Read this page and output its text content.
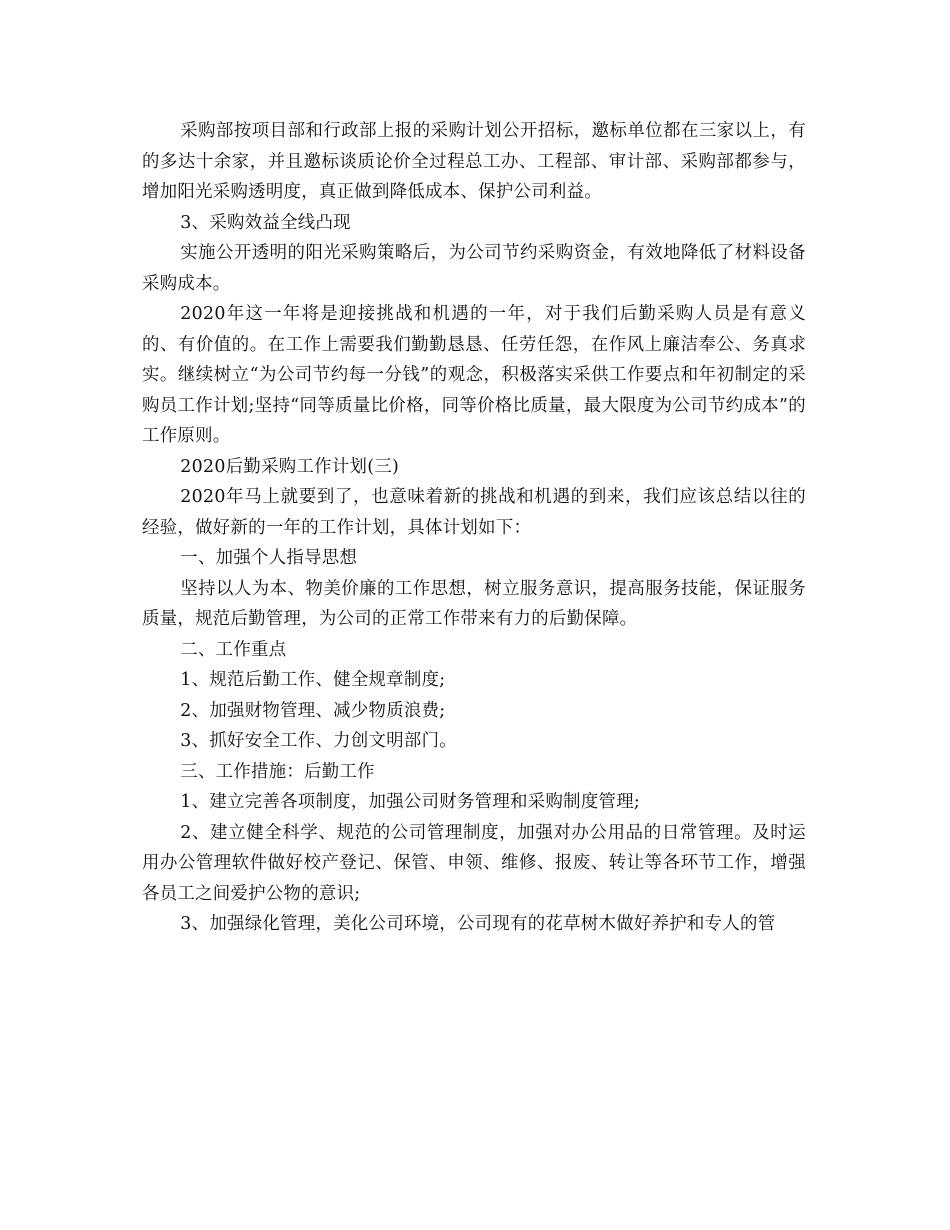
采购部按项目部和行政部上报的采购计划公开招标，邀标单位都在三家以上，有的多达十余家，并且邀标谈质论价全过程总工办、工程部、审计部、采购部都参与，增加阳光采购透明度，真正做到降低成本、保护公司利益。

3、采购效益全线凸现

实施公开透明的阳光采购策略后，为公司节约采购资金，有效地降低了材料设备采购成本。

2020年这一年将是迎接挑战和机遇的一年，对于我们后勤采购人员是有意义的、有价值的。在工作上需要我们勤勤恳恳、任劳任怨，在作风上廉洁奉公、务真求实。继续树立“为公司节约每一分钱”的观念，积极落实采供工作要点和年初制定的采购员工作计划;坚持“同等质量比价格，同等价格比质量，最大限度为公司节约成本”的工作原则。

2020后勤采购工作计划(三)

2020年马上就要到了，也意味着新的挑战和机遇的到来，我们应该总结以往的经验，做好新的一年的工作计划，具体计划如下：

一、加强个人指导思想

坚持以人为本、物美价廉的工作思想，树立服务意识，提高服务技能，保证服务质量，规范后勤管理，为公司的正常工作带来有力的后勤保障。

二、工作重点

1、规范后勤工作、健全规章制度;

2、加强财物管理、减少物质浪费;

3、抓好安全工作、力创文明部门。

三、工作措施：后勤工作

1、建立完善各项制度，加强公司财务管理和采购制度管理;

2、建立健全科学、规范的公司管理制度，加强对办公用品的日常管理。及时运用办公管理软件做好校产登记、保管、申领、维修、报废、转让等各环节工作，增强各员工之间爱护公物的意识;

3、加强绿化管理，美化公司环境，公司现有的花草树木做好养护和专人的管
